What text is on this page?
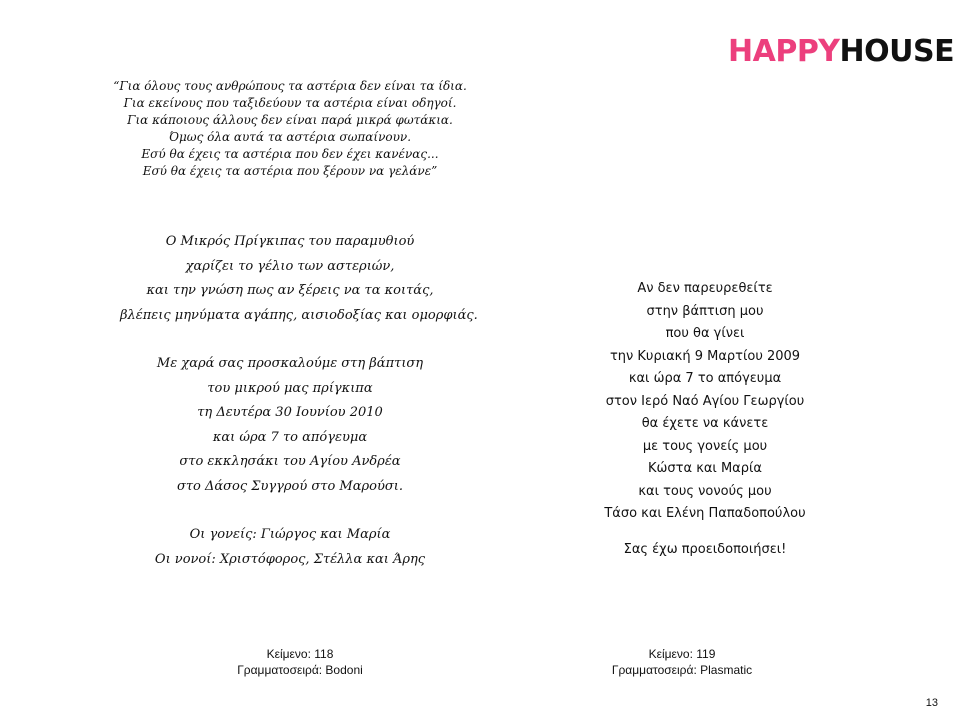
HAPPYHOUSE
“Για όλους τους ανθρώπους τα αστέρια δεν είναι τα ίδια.
Για εκείνους που ταξιδεύουν τα αστέρια είναι οδηγοί.
Για κάποιους άλλους δεν είναι παρά μικρά φωτάκια.
Όμως όλα αυτά τα αστέρια σωπαίνουν.
Εσύ θα έχεις τα αστέρια που δεν έχει κανένας...
Εσύ θα έχεις τα αστέρια που ξέρουν να γελάνε”
Ο Μικρός Πρίγκιπας του παραμυθιού
χαρίζει το γέλιο των αστεριών,
και την γνώση πως αν ξέρεις να τα κοιτάς,
βλέπεις μηνύματα αγάπης, αισιοδοξίας και ομορφιάς.
Με χαρά σας προσκαλούμε στη βάπτιση
του μικρού μας πρίγκιπα
τη Δευτέρα 30 Ιουνίου 2010
και ώρα 7 το απόγευμα
στο εκκλησάκι του Αγίου Ανδρέα
στο Δάσος Συγγρού στο Μαρούσι.
Οι γονείς: Γιώργος και Μαρία
Οι νονοί: Χριστόφορος, Στέλλα και Άρης
Αν δεν παρευρεθείτε
στην βάπτιση μου
που θα γίνει
την Κυριακή 9 Μαρτίου 2009
και ώρα 7 το απόγευμα
στον Ιερό Ναό Αγίου Γεωργίου
θα έχετε να κάνετε
με τους γονείς μου
Κώστα και Μαρία
και τους νονούς μου
Τάσο και Ελένη Παπαδοπούλου
Σας έχω προειδοποιήσει!
Κείμενο: 118
Γραμματοσειρά: Bodoni
Κείμενο: 119
Γραμματοσειρά: Plasmatic
13
